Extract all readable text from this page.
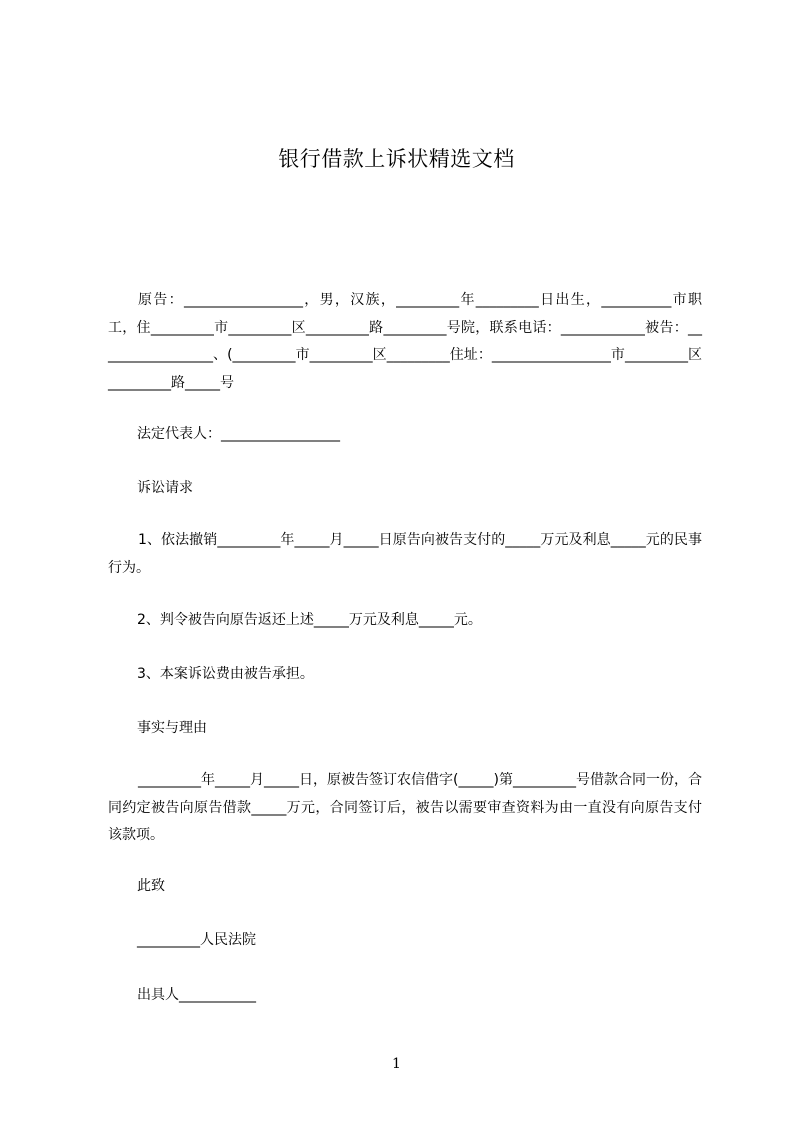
银行借款上诉状精选文档
原告：_________________，男，汉族，_________年_________日出生，__________市职工，住_________市_________区_________路_________号院，联系电话：____________被告：_________________、(_________市_________区_________住址：_________________市_________区_________路_____号
法定代表人：_________________
诉讼请求
1、依法撤销_________年_____月_____日原告向被告支付的_____万元及利息_____元的民事行为。
2、判令被告向原告返还上述_____万元及利息_____元。
3、本案诉讼费由被告承担。
事实与理由
_________年_____月_____日，原被告签订农信借字(_____)第_________号借款合同一份，合同约定被告向原告借款_____万元，合同签订后，被告以需要审查资料为由一直没有向原告支付该款项。
此致
_________人民法院
出具人___________
1
